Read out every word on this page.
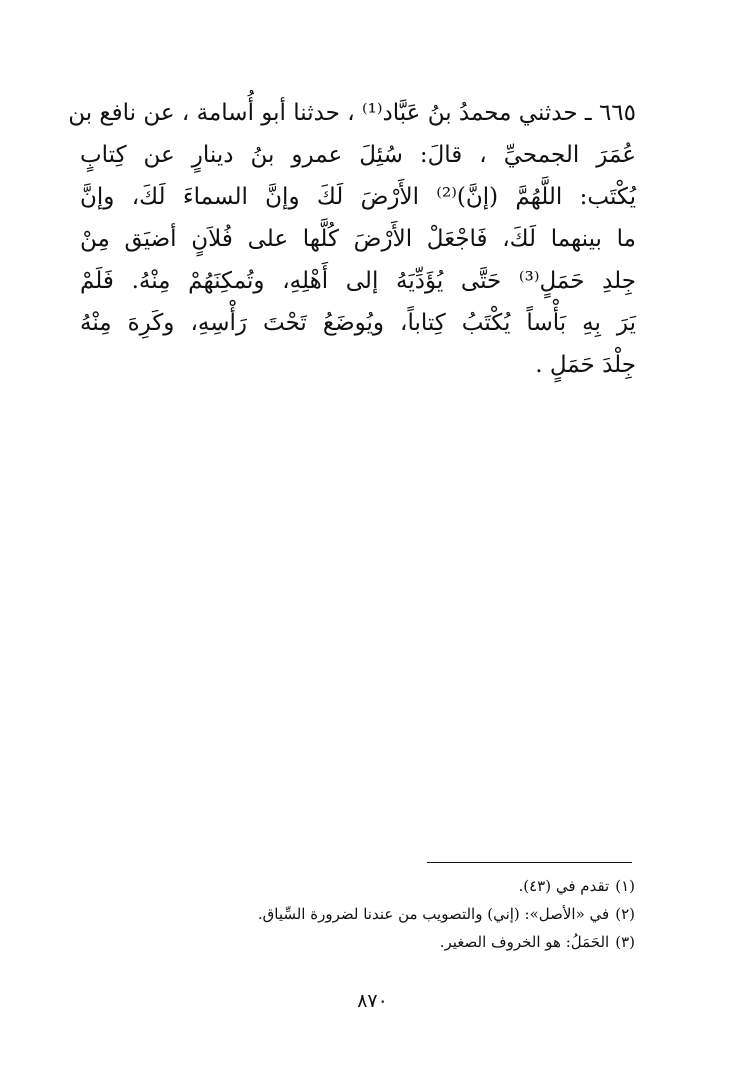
٦٦٥ ـ حدثني محمدُ بنُ عَبَّاد⁽¹⁾ ، حدثنا أبو أُسامة ، عن نافع بن
عُمَرَ الجمحيِّ ، قالَ: سُئِلَ عمرو بنُ دينارٍ عن كِتابٍ
يُكْتَب: اللَّهُمَّ (إنَّ)⁽²⁾ الأَرْضَ لَكَ وإنَّ السماءَ لَكَ، وإنَّ
ما بينهما لَكَ، فَاجْعَلْ الأَرْضَ كُلَّها على فُلاَنٍ أضيَق مِنْ
جِلدِ حَمَلٍ⁽³⁾ حَتَّى يُؤَدِّيَهُ إلى أَهْلِهِ، وتُمكِنَهُمْ مِنْهُ. فَلَمْ
يَرَ بِهِ بَأْساً يُكْتَبُ كِتاباً، ويُوضَعُ تَحْتَ رَأْسِهِ، وكَرِهَ مِنْهُ
جِلْدَ حَمَلٍ .
(١)تقدم في (٤٣).
(٢)في «الأصل»: (إني) والتصويب من عندنا لضرورة السِّياق.
(٣)الحَمَلُ: هو الخروف الصغير.
٨٧٠
